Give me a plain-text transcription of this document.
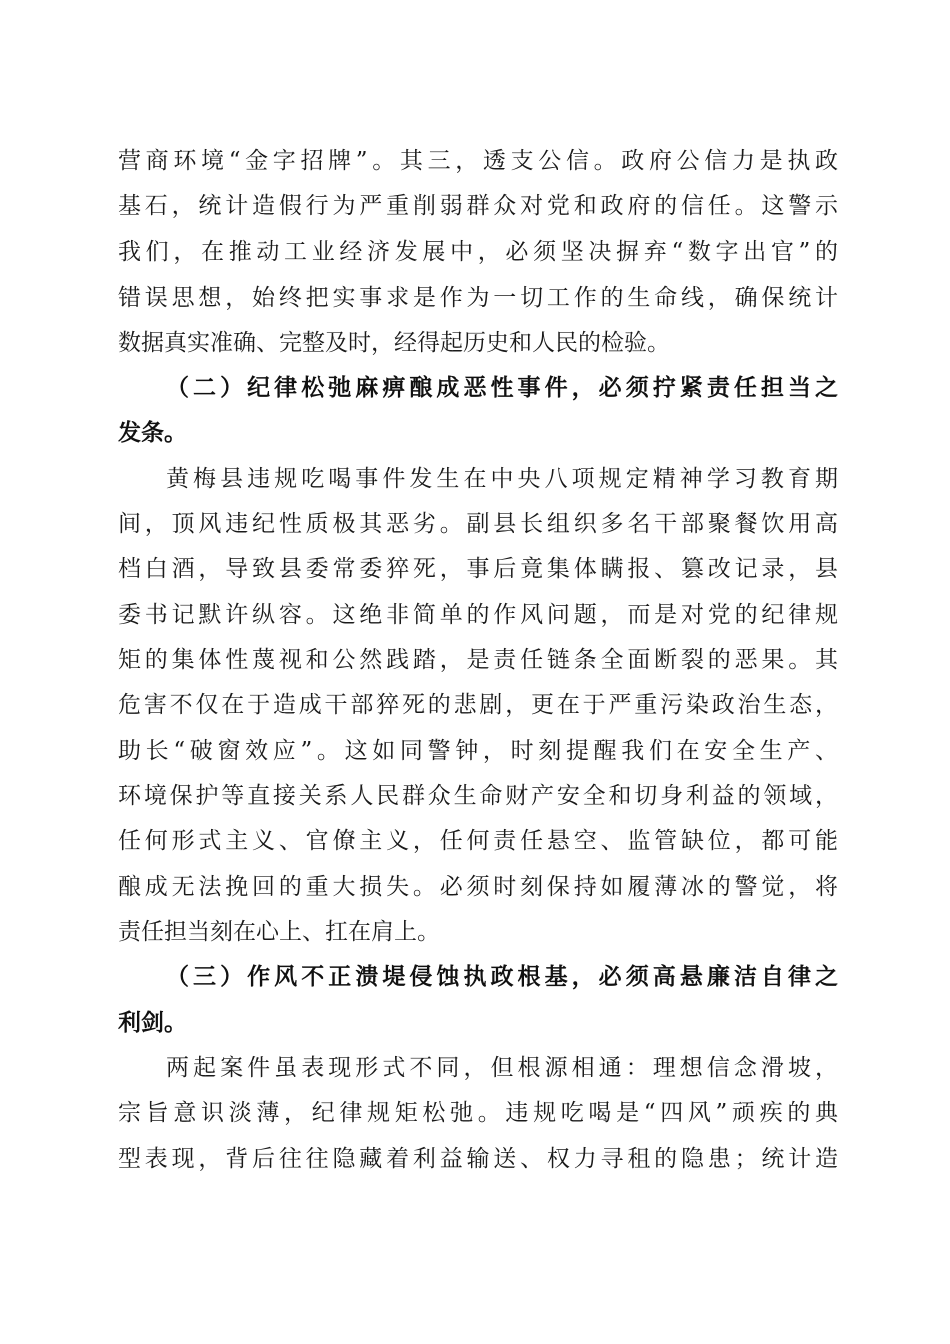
营商环境“金字招牌”。其三，透支公信。政府公信力是执政
基石，统计造假行为严重削弱群众对党和政府的信任。这警示
我们，在推动工业经济发展中，必须坚决摒弃“数字出官”的
错误思想，始终把实事求是作为一切工作的生命线，确保统计
数据真实准确、完整及时，经得起历史和人民的检验。
（二）纪律松弛麻痹酿成恶性事件，必须拧紧责任担当之
发条。
黄梅县违规吃喝事件发生在中央八项规定精神学习教育期
间，顶风违纪性质极其恶劣。副县长组织多名干部聚餐饮用高
档白酒，导致县委常委猝死，事后竟集体瞒报、篡改记录，县
委书记默许纵容。这绝非简单的作风问题，而是对党的纪律规
矩的集体性蔑视和公然践踏，是责任链条全面断裂的恶果。其
危害不仅在于造成干部猝死的悲剧，更在于严重污染政治生态，
助长“破窗效应”。这如同警钟，时刻提醒我们在安全生产、
环境保护等直接关系人民群众生命财产安全和切身利益的领域，
任何形式主义、官僚主义，任何责任悬空、监管缺位，都可能
酿成无法挽回的重大损失。必须时刻保持如履薄冰的警觉，将
责任担当刻在心上、扛在肩上。
（三）作风不正溃堤侵蚀执政根基，必须高悬廉洁自律之
利剑。
两起案件虽表现形式不同，但根源相通：理想信念滑坡，
宗旨意识淡薄，纪律规矩松弛。违规吃喝是“四风”顽疾的典
型表现，背后往往隐藏着利益输送、权力寻租的隐患；统计造
